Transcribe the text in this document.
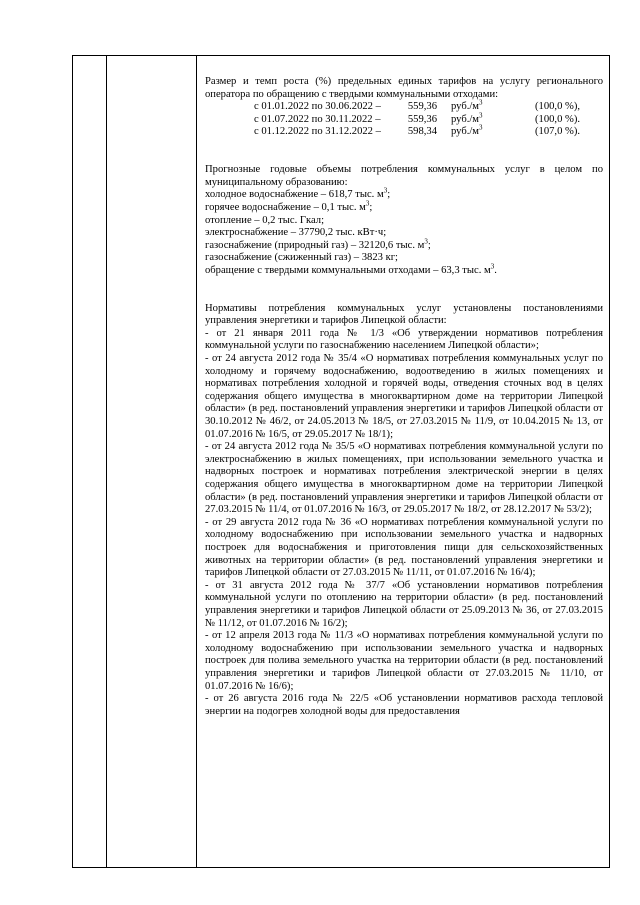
Размер и темп роста (%) предельных единых тарифов на услугу регионального оператора по обращению с твердыми коммунальными отходами:

с 01.01.2022 по 30.06.2022 –	559,36 $руб./м^3$	(100,0 %),
с 01.07.2022 по 30.11.2022 –	559,36 $руб./м^3$	(100,0 %).
с 01.12.2022 по 31.12.2022 –	598,34 $руб./м^3$	(107,0 %).

Прогнозные годовые объемы потребления коммунальных услуг в целом по муниципальному образованию:

холодное водоснабжение – 618,7 тыс. $м^3$;

горячее водоснабжение – 0,1 тыс. $м^3$;

отопление – 0,2 тыс. Гкал;

электроснабжение – 37790,2 тыс. кВт·ч;

газоснабжение (природный газ) – 32120,6 тыс. $м^3$;

газоснабжение (сжиженный газ) – 3823 кг;

обращение с твердыми коммунальными отходами – 63,3 тыс. $м^3$.

Нормативы потребления коммунальных услуг установлены постановлениями управления энергетики и тарифов Липецкой области:

- от 21 января 2011 года № 1/3 «Об утверждении нормативов потребления коммунальной услуги по газоснабжению населением Липецкой области»;

- от 24 августа 2012 года № 35/4 «О нормативах потребления коммунальных услуг по холодному и горячему водоснабжению, водоотведению в жилых помещениях и нормативах потребления холодной и горячей воды, отведения сточных вод в целях содержания общего имущества в многоквартирном доме на территории Липецкой области» (в ред. постановлений управления энергетики и тарифов Липецкой области от 30.10.2012 № 46/2, от 24.05.2013 № 18/5, от 27.03.2015 № 11/9, от 10.04.2015 № 13, от 01.07.2016 № 16/5, от 29.05.2017 № 18/1);

- от 24 августа 2012 года № 35/5 «О нормативах потребления коммунальной услуги по электроснабжению в жилых помещениях, при использовании земельного участка и надворных построек и нормативах потребления электрической энергии в целях содержания общего имущества в многоквартирном доме на территории Липецкой области» (в ред. постановлений управления энергетики и тарифов Липецкой области от 27.03.2015 № 11/4, от 01.07.2016 № 16/3, от 29.05.2017 № 18/2, от 28.12.2017 № 53/2);

- от 29 августа 2012 года № 36 «О нормативах потребления коммунальной услуги по холодному водоснабжению при использовании земельного участка и надворных построек для водоснабжения и приготовления пищи для сельскохозяйственных животных на территории области» (в ред. постановлений управления энергетики и тарифов Липецкой области от 27.03.2015 № 11/11, от 01.07.2016 № 16/4);

- от 31 августа 2012 года № 37/7 «Об установлении нормативов потребления коммунальной услуги по отоплению на территории области» (в ред. постановлений управления энергетики и тарифов Липецкой области от 25.09.2013 № 36, от 27.03.2015 № 11/12, от 01.07.2016 № 16/2);

- от 12 апреля 2013 года № 11/3 «О нормативах потребления коммунальной услуги по холодному водоснабжению при использовании земельного участка и надворных построек для полива земельного участка на территории области (в ред. постановлений управления энергетики и тарифов Липецкой области от 27.03.2015 № 11/10, от 01.07.2016 № 16/6);

- от 26 августа 2016 года № 22/5 «Об установлении нормативов расхода тепловой энергии на подогрев холодной воды для предоставления
